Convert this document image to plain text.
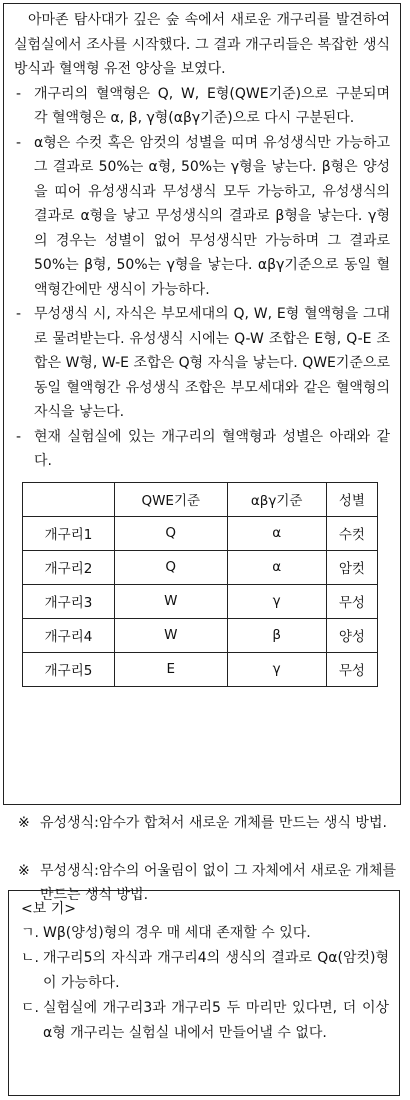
아마존 탐사대가 깊은 숲 속에서 새로운 개구리를 발견하여 실험실에서 조사를 시작했다. 그 결과 개구리들은 복잡한 생식방식과 혈액형 유전 양상을 보였다.

- 개구리의 혈액형은 Q, W, E형(QWE기준)으로 구분되며 각 혈액형은 α, β, γ형(αβγ기준)으로 다시 구분된다.

- α형은 수컷 혹은 암컷의 성별을 띠며 유성생식만 가능하고 그 결과로 50%는 α형, 50%는 γ형을 낳는다. β형은 양성을 띠어 유성생식과 무성생식 모두 가능하고, 유성생식의 결과로 α형을 낳고 무성생식의 결과로 β형을 낳는다. γ형의 경우는 성별이 없어 무성생식만 가능하며 그 결과로 50%는 β형, 50%는 γ형을 낳는다. αβγ기준으로 동일 혈액형간에만 생식이 가능하다.

- 무성생식 시, 자식은 부모세대의 Q, W, E형 혈액형을 그대로 물려받는다. 유성생식 시에는 Q-W 조합은 E형, Q-E 조합은 W형, W-E 조합은 Q형 자식을 낳는다. QWE기준으로 동일 혈액형간 유성생식 조합은 부모세대와 같은 혈액형의 자식을 낳는다.

- 현재 실험실에 있는 개구리의 혈액형과 성별은 아래와 같다.

	QWE기준	αβγ기준	성별
개구리1	Q	α	수컷
개구리2	Q	α	암컷
개구리3	W	γ	무성
개구리4	W	β	양성
개구리5	E	γ	무성
※ 유성생식:암수가 합쳐서 새로운 개체를 만드는 생식 방법.
※ 무성생식:암수의 어울림이 없이 그 자체에서 새로운 개체를 만드는 생식 방법.
<보 기>
ㄱ. Wβ(양성)형의 경우 매 세대 존재할 수 있다.
ㄴ. 개구리5의 자식과 개구리4의 생식의 결과로 Qα(암컷)형이 가능하다.
ㄷ. 실험실에 개구리3과 개구리5 두 마리만 있다면, 더 이상 α형 개구리는 실험실 내에서 만들어낼 수 없다.
